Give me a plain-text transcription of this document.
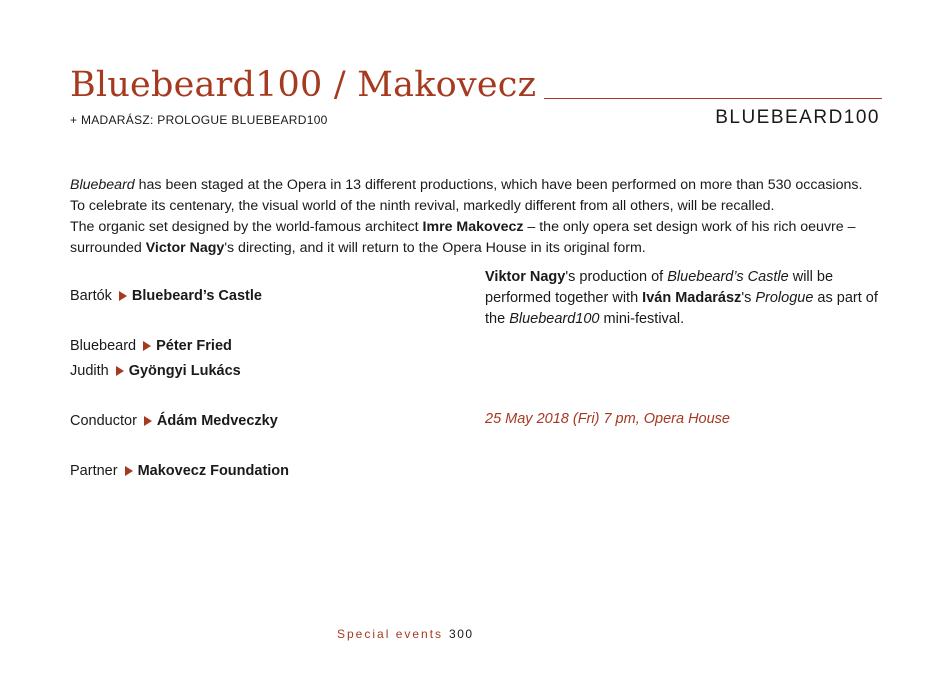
Bluebeard100 / Makovecz
+ MADARÁSZ: PROLOGUE BLUEBEARD100	BLUEBEARD100

Bluebeard has been staged at the Opera in 13 different productions, which have been performed on more than 530 occasions.

To celebrate its centenary, the visual world of the ninth revival, markedly different from all others, will be recalled.

The organic set designed by the world-famous architect Imre Makovecz – the only opera set design work of his rich oeuvre – surrounded Victor Nagy's directing, and it will return to the Opera House in its original form.

Bartók Bluebeard’s Castle
Bluebeard Péter Fried
Judith Gyöngyi Lukács
Conductor Ádám Medveczky
Partner Makovecz Foundation

Viktor Nagy's production of Bluebeard’s Castle will be performed together with Iván Madarász's Prologue as part of the Bluebeard100 mini-festival.

25 May 2018 (Fri) 7 pm, Opera House
Special events 300
